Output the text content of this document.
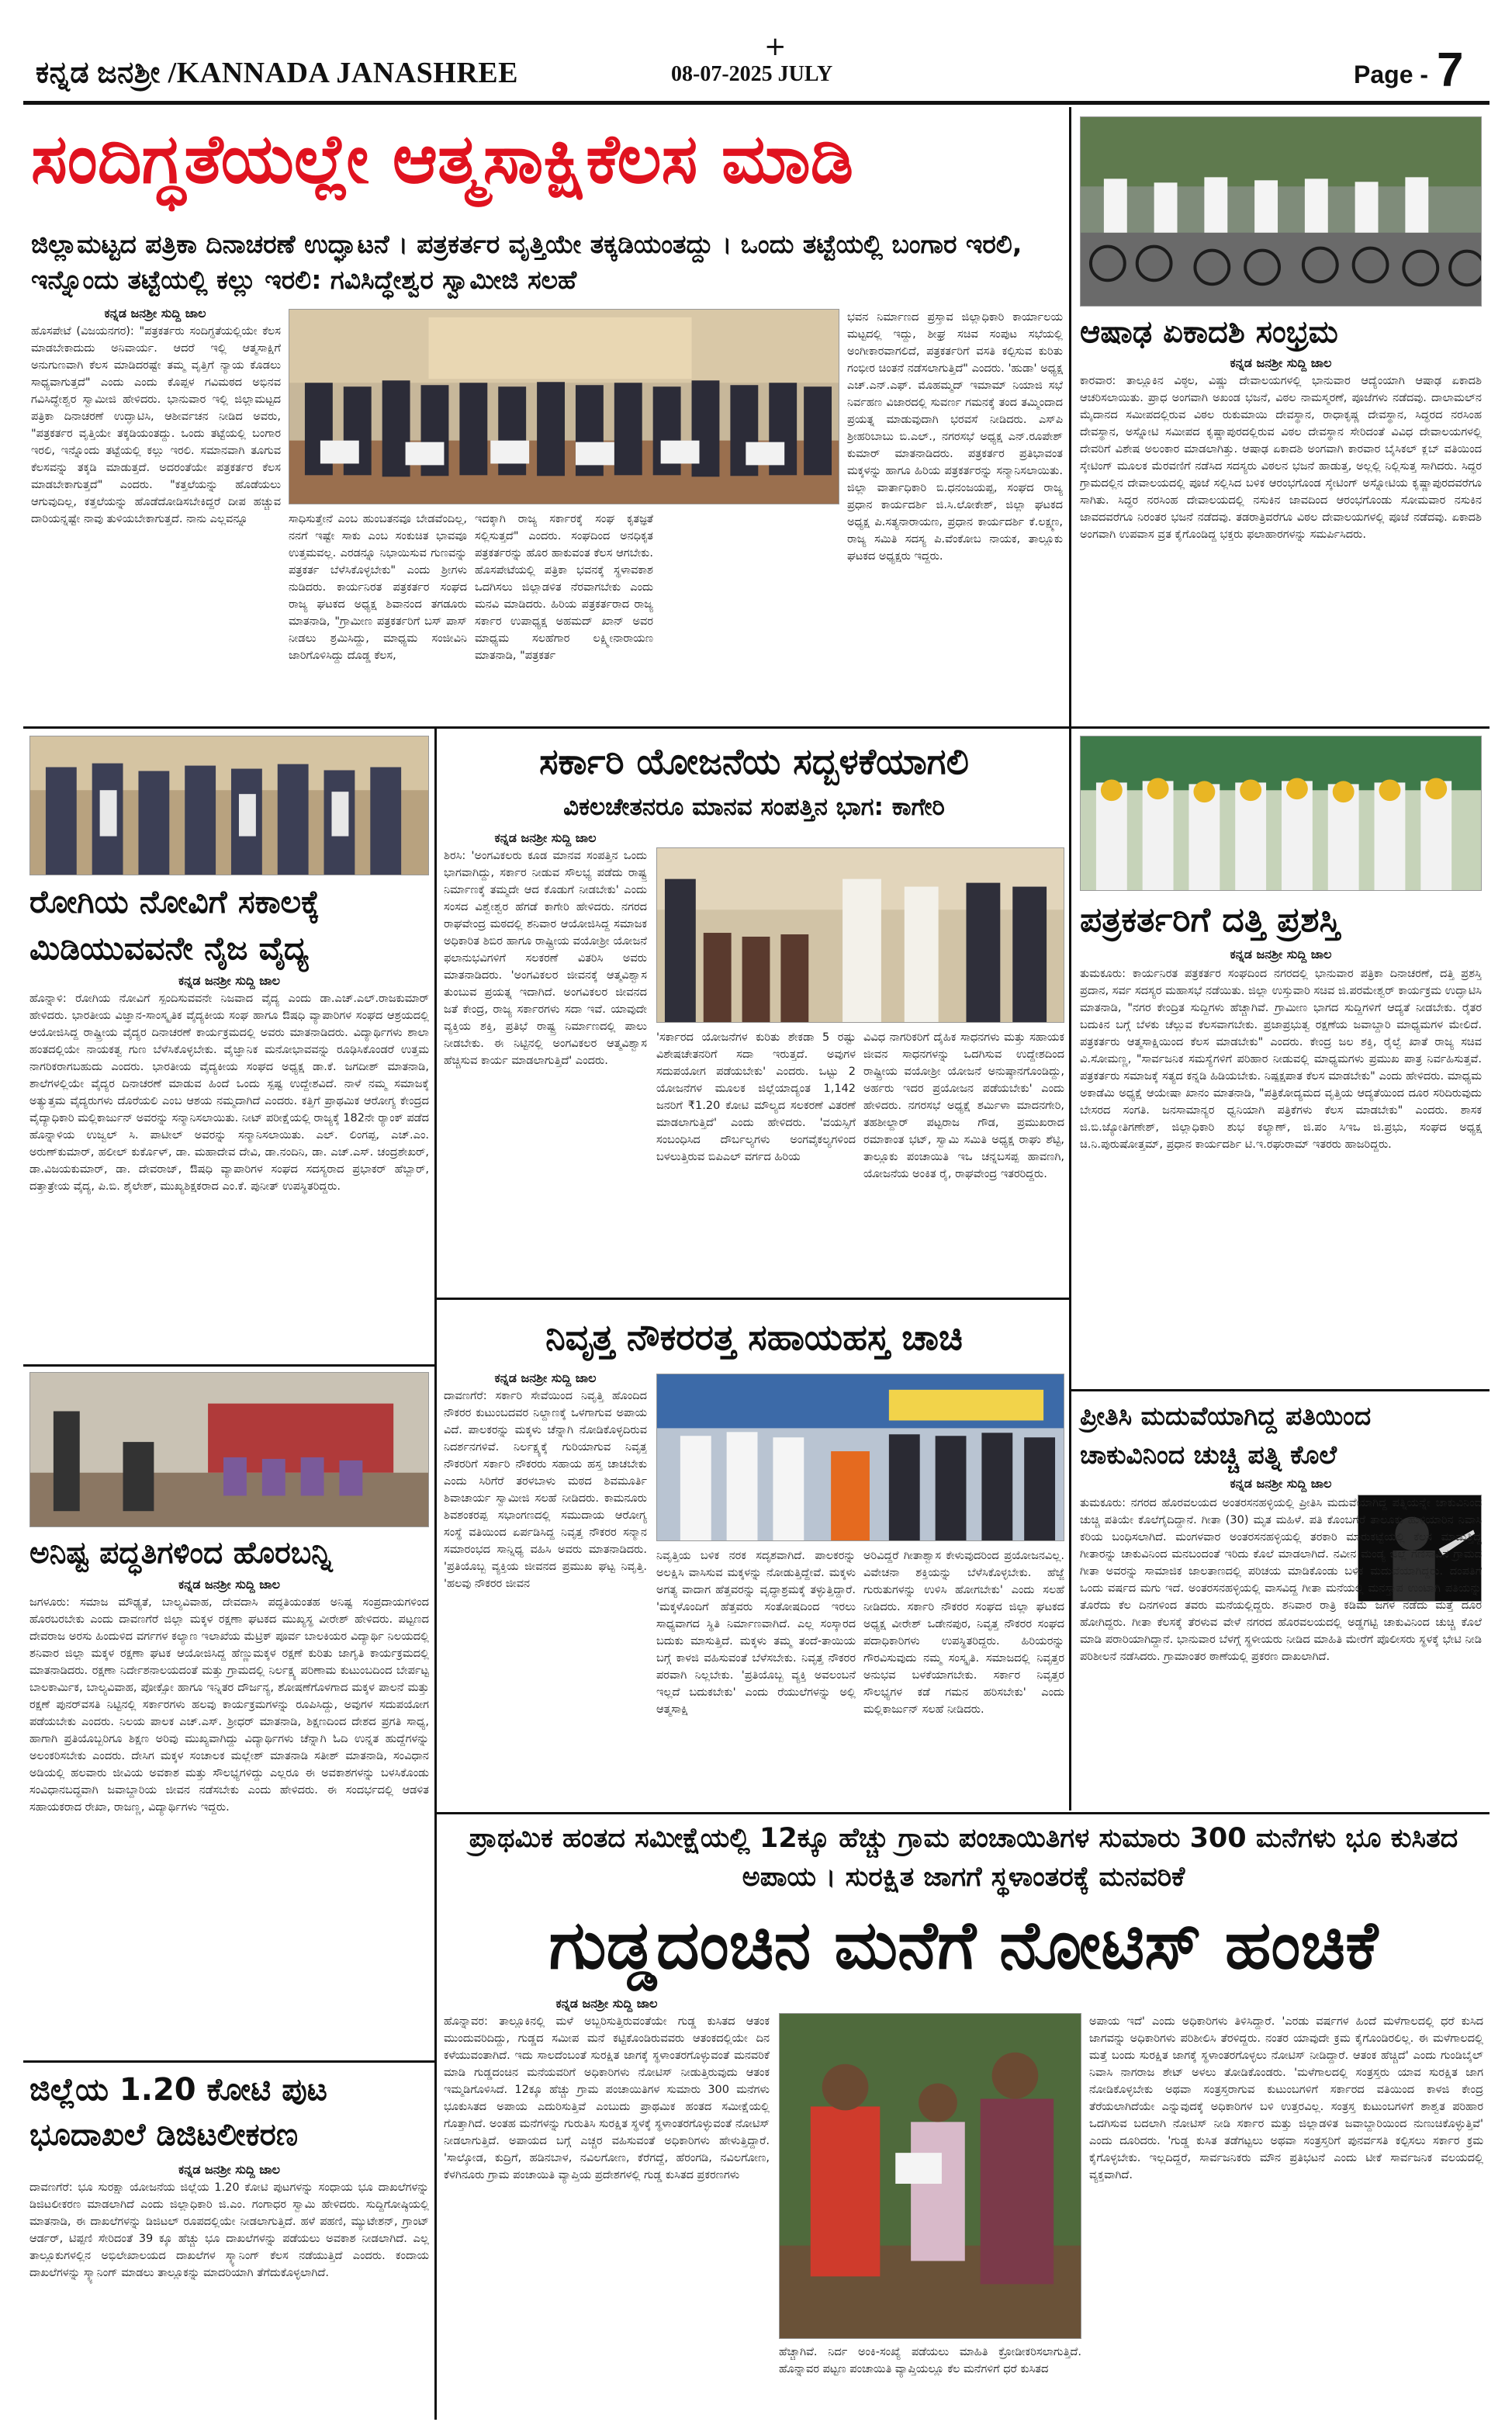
ಕನ್ನಡ ಜನಶ್ರೀ /KANNADA JANASHREE
+
08-07-2025 JULY	Page - 7
ಸಂದಿಗ್ಧತೆಯಲ್ಲೇ ಆತ್ಮಸಾಕ್ಷಿಕೆಲಸ ಮಾಡಿ
ಜಿಲ್ಲಾಮಟ್ಟದ ಪತ್ರಿಕಾ ದಿನಾಚರಣೆ ಉದ್ಘಾಟನೆ । ಪತ್ರಕರ್ತರ ವೃತ್ತಿಯೇ ತಕ್ಕಡಿಯಂತದ್ದು । ಒಂದು ತಟ್ಟೆಯಲ್ಲಿ ಬಂಗಾರ ಇರಲಿ, ಇನ್ನೊಂದು ತಟ್ಟೆಯಲ್ಲಿ ಕಲ್ಲು ಇರಲಿ: ಗವಿಸಿದ್ಧೇಶ್ವರ ಸ್ವಾಮೀಜಿ ಸಲಹೆ
ಕನ್ನಡ ಜನಶ್ರೀ ಸುದ್ದಿ ಜಾಲ
ಹೊಸಪೇಟೆ (ವಿಜಯನಗರ): "ಪತ್ರಕರ್ತರು ಸಂದಿಗ್ಧತೆಯಲ್ಲಿಯೇ ಕೆಲಸ ಮಾಡಬೇಕಾದುದು ಅನಿವಾರ್ಯ. ಆದರೆ ಇಲ್ಲಿ ಆತ್ಮಸಾಕ್ಷಿಗೆ ಅನುಗುಣವಾಗಿ ಕೆಲಸ ಮಾಡಿದರಷ್ಟೇ ತಮ್ಮ ವೃತ್ತಿಗೆ ನ್ಯಾಯ ಕೊಡಲು ಸಾಧ್ಯವಾಗುತ್ತದೆ" ಎಂದು ಎಂದು ಕೊಪ್ಪಳ ಗವಿಮಠದ ಅಭಿನವ ಗವಿಸಿದ್ಧೇಶ್ವರ ಸ್ವಾಮೀಜಿ ಹೇಳಿದರು. ಭಾನುವಾರ ಇಲ್ಲಿ ಜಿಲ್ಲಾಮಟ್ಟದ ಪತ್ರಿಕಾ ದಿನಾಚರಣೆ ಉದ್ಘಾಟಿಸಿ, ಆಶೀರ್ವಚನ ನೀಡಿದ ಅವರು, "ಪತ್ರಕರ್ತರ ವೃತ್ತಿಯೇ ತಕ್ಕಡಿಯಂತದ್ದು. ಒಂದು ತಟ್ಟೆಯಲ್ಲಿ ಬಂಗಾರ ಇರಲಿ, ಇನ್ನೊಂದು ತಟ್ಟೆಯಲ್ಲಿ ಕಲ್ಲು ಇರಲಿ. ಸಮಾನವಾಗಿ ತೂಗುವ ಕೆಲಸವನ್ನು ತಕ್ಕಡಿ ಮಾಡುತ್ತದೆ. ಅದರಂತೆಯೇ ಪತ್ರಕರ್ತರ ಕೆಲಸ ಮಾಡಬೇಕಾಗುತ್ತದೆ" ಎಂದರು. "ಕತ್ತಲೆಯನ್ನು ಹೊಡೆಯಲು ಆಗುವುದಿಲ್ಲ, ಕತ್ತಲೆಯನ್ನು ಹೊಡೆದೋಡಿಸಬೇಕಿದ್ದರೆ ದೀಪ ಹಚ್ಚುವ ದಾರಿಯನ್ನಷ್ಟೇ ನಾವು ತುಳಿಯಬೇಕಾಗುತ್ತದೆ. ನಾನು ಎಲ್ಲವನ್ನೂ	ಸಾಧಿಸುತ್ತೇನೆ ಎಂಬ ಹುಂಬತನವೂ ಬೇಡವೆಂದಿಲ್ಲ, ನನಗೆ ಇಷ್ಟೇ ಸಾಕು ಎಂಬ ಸಂಕುಚಿತ ಭಾವವೂ ಉತ್ತಮವಲ್ಲ. ಎರಡನ್ನೂ ನಿಭಾಯಿಸುವ ಗುಣವನ್ನು ಪತ್ರಕರ್ತ ಬೆಳೆಸಿಕೊಳ್ಳಬೇಕು" ಎಂದು ಶ್ರೀಗಳು ನುಡಿದರು. ಕಾರ್ಯನಿರತ ಪತ್ರಕರ್ತರ ಸಂಘದ ರಾಜ್ಯ ಘಟಕದ ಅಧ್ಯಕ್ಷ ಶಿವಾನಂದ ತಗಡೂರು ಮಾತನಾಡಿ, "ಗ್ರಾಮೀಣ ಪತ್ರಕರ್ತರಿಗೆ ಬಸ್ ಪಾಸ್ ನೀಡಲು ಶ್ರಮಿಸಿದ್ದು, ಮಾಧ್ಯಮ ಸಂಜೀವಿನಿ ಜಾರಿಗೊಳಿಸಿದ್ದು ದೊಡ್ಡ ಕೆಲಸ,
ಇದಕ್ಕಾಗಿ ರಾಜ್ಯ ಸರ್ಕಾರಕ್ಕೆ ಸಂಘ ಕೃತಜ್ಞತೆ ಸಲ್ಲಿಸುತ್ತದೆ" ಎಂದರು. ಸಂಘದಿಂದ ಅನಧಿಕೃತ ಪತ್ರಕರ್ತರನ್ನು ಹೊರ ಹಾಕುವಂತ ಕೆಲಸ ಆಗಬೇಕು. ಹೊಸಪೇಟೆಯಲ್ಲಿ ಪತ್ರಿಕಾ ಭವನಕ್ಕೆ ಸ್ಥಳಾವಕಾಶ ಒದಗಿಸಲು ಜಿಲ್ಲಾಡಳಿತ ನೆರವಾಗಬೇಕು ಎಂದು ಮನವಿ ಮಾಡಿದರು. ಹಿರಿಯ ಪತ್ರಕರ್ತರಾದ ರಾಜ್ಯ ಸರ್ಕಾರ ಉಪಾಧ್ಯಕ್ಷ ಅಹಮದ್ ಖಾನ್ ಅವರ ಮಾಧ್ಯಮ ಸಲಹೆಗಾರ ಲಕ್ಷ್ಮೀನಾರಾಯಣ ಮಾತನಾಡಿ, "ಪತ್ರಕರ್ತ
ಭವನ ನಿರ್ಮಾಣದ ಪ್ರಸ್ತಾವ ಜಿಲ್ಲಾಧಿಕಾರಿ ಕಾರ್ಯಾಲಯ ಮಟ್ಟದಲ್ಲಿ ಇದ್ದು, ಶೀಘ್ರ ಸಚಿವ ಸಂಪುಟ ಸಭೆಯಲ್ಲಿ ಅಂಗೀಕಾರವಾಗಲಿದೆ, ಪತ್ರಕರ್ತರಿಗೆ ವಸತಿ ಕಲ್ಪಿಸುವ ಕುರಿತು ಗಂಭೀರ ಚಿಂತನೆ ನಡೆಸಲಾಗುತ್ತಿದೆ" ಎಂದರು. 'ಹುಡಾ' ಅಧ್ಯಕ್ಷ ಎಚ್.ಎನ್.ಎಫ್. ಮೊಹಮ್ಮದ್ ಇಮಾಮ್ ನಿಯಾಜಿ ಸಭೆ ನಿರ್ವಹಣ ವಿಜಾರದಲ್ಲಿ ಸುವರ್ಣ ಗಮನಕ್ಕೆ ತಂದ ತಮ್ಮಿಂದಾದ ಪ್ರಯತ್ನ ಮಾಡುವುದಾಗಿ ಭರವಸೆ ನೀಡಿದರು. ಎಸ್‌ಪಿ ಶ್ರೀಹರಿಬಾಬು ಬಿ.ಎಲ್., ನಗರಸಭೆ ಅಧ್ಯಕ್ಷ ಎನ್.ರೂಪೇಶ್ ಕುಮಾರ್ ಮಾತನಾಡಿದರು. ಪತ್ರಕರ್ತರ ಪ್ರತಿಭಾವಂತ ಮಕ್ಕಳನ್ನು ಹಾಗೂ ಹಿರಿಯ ಪತ್ರಕರ್ತರನ್ನು ಸನ್ಮಾನಿಸಲಾಯಿತು. ಜಿಲ್ಲಾ ವಾರ್ತಾಧಿಕಾರಿ ಬಿ.ಧನಂಜಯಪ್ಪ, ಸಂಘದ ರಾಜ್ಯ ಪ್ರಧಾನ ಕಾರ್ಯದರ್ಶಿ ಜಿ.ಸಿ.ಲೋಕೇಶ್, ಜಿಲ್ಲಾ ಘಟಕದ ಅಧ್ಯಕ್ಷ ಪಿ.ಸತ್ಯನಾರಾಯಣ, ಪ್ರಧಾನ ಕಾರ್ಯದರ್ಶಿ ಕೆ.ಲಕ್ಷ್ಮಣ, ರಾಜ್ಯ ಸಮಿತಿ ಸದಸ್ಯ ಪಿ.ವೆಂಕೋಬ ನಾಯಕ, ತಾಲ್ಲೂಕು ಘಟಕದ ಅಧ್ಯಕ್ಷರು ಇದ್ದರು.
ಆಷಾಢ ಏಕಾದಶಿ ಸಂಭ್ರಮ
ಕನ್ನಡ ಜನಶ್ರೀ ಸುದ್ದಿ ಜಾಲ
ಕಾರವಾರ: ತಾಲ್ಲೂಕಿನ ವಿಠ್ಠಲ, ವಿಷ್ಣು ದೇವಾಲಯಗಳಲ್ಲಿ ಭಾನುವಾರ ಆದ್ಯೆಂಯಾಗಿ ಆಷಾಢ ಏಕಾದಶಿ ಆಚರಿಸಲಾಯಿತು. ಪ್ರಾಧ ಅಂಗವಾಗಿ ಅಖಂಡ ಭಜನೆ, ವಿಠಲ ನಾಮಸ್ಮರಣೆ, ಪೂಜೆಗಳು ನಡೆದವು. ದಾಲಾಮಲ್‌ನ ಮೈದಾನದ ಸಮೀಪದಲ್ಲಿರುವ ವಿಠಲ ರುಕುಮಾಯಿ ದೇವಸ್ಥಾನ, ರಾಧಾಕೃಷ್ಣ ದೇವಸ್ಥಾನ, ಸಿದ್ಧರದ ನರಸಿಂಹ ದೇವಸ್ಥಾನ, ಅಸ್ನೋಟಿ ಸಮೀಪದ ಕೃಷ್ಣಾಪುರದಲ್ಲಿರುವ ವಿಠಲ ದೇವಸ್ಥಾನ ಸೇರಿದಂತೆ ವಿವಿಧ ದೇವಾಲಯಗಳಲ್ಲಿ ದೇವರಿಗೆ ವಿಶೇಷ ಅಲಂಕಾರ ಮಾಡಲಾಗಿತ್ತು. ಆಷಾಢ ಏಕಾದಶಿ ಅಂಗವಾಗಿ ಕಾರವಾರ ಬೈಸಿಕಲ್ ಕ್ಲಬ್ ವತಿಯಿಂದ ಸ್ಕೇಟಿಂಗ್ ಮೂಲಕ ಮೆರವಣಿಗೆ ನಡೆಸಿದ ಸದಸ್ಯರು ವಿಠಲನ ಭಜನೆ ಹಾಡುತ್ತ, ಅಲ್ಲಲ್ಲಿ ನಿಲ್ಲಿಸುತ್ತ ಸಾಗಿದರು. ಸಿದ್ಧರ ಗ್ರಾಮದಲ್ಲಿನ ದೇವಾಲಯದಲ್ಲಿ ಪೂಜೆ ಸಲ್ಲಿಸಿದ ಬಳಿಕ ಆರಂಭಗೊಂಡ ಸ್ಕೇಟಿಂಗ್ ಅಸ್ನೋಟಿಯ ಕೃಷ್ಣಾಪುರದವರೆಗೂ ಸಾಗಿತು. ಸಿದ್ಧರ ನರಸಿಂಹ ದೇವಾಲಯದಲ್ಲಿ ನಸುಕಿನ ಜಾವದಿಂದ ಆರಂಭಗೊಂಡು ಸೋಮವಾರ ನಸುಕಿನ ಜಾವದವರೆಗೂ ನಿರಂತರ ಭಜನೆ ನಡೆದವು. ತಡರಾತ್ರಿವರೆಗೂ ವಿಠಲ ದೇವಾಲಯಗಳಲ್ಲಿ ಪೂಜೆ ನಡೆದವು. ಏಕಾದಶಿ ಅಂಗವಾಗಿ ಉಪವಾಸ ವ್ರತ ಕೈಗೊಂಡಿದ್ದ ಭಕ್ತರು ಫಲಾಹಾರಗಳನ್ನು ಸಮರ್ಪಿಸಿದರು.
ರೋಗಿಯ ನೋವಿಗೆ ಸಕಾಲಕ್ಕೆ ಮಿಡಿಯುವವನೇ ನೈಜ ವೈದ್ಯ
ಕನ್ನಡ ಜನಶ್ರೀ ಸುದ್ದಿ ಜಾಲ
ಹೊನ್ನಾಳಿ: ರೋಗಿಯ ನೋವಿಗೆ ಸ್ಪಂದಿಸುವವನೇ ನಿಜವಾದ ವೈದ್ಯ ಎಂದು ಡಾ.ಎಚ್.ಎಲ್.ರಾಜಕುಮಾರ್ ಹೇಳಿದರು. ಭಾರತೀಯ ವಿಜ್ಞಾನ-ಸಾಂಸ್ಕೃತಿಕ ವೈದ್ಯಕೀಯ ಸಂಘ ಹಾಗೂ ಔಷಧಿ ವ್ಯಾಪಾರಿಗಳ ಸಂಘದ ಆಶ್ರಯದಲ್ಲಿ ಆಯೋಜಿಸಿದ್ದ ರಾಷ್ಟ್ರೀಯ ವೈದ್ಯರ ದಿನಾಚರಣೆ ಕಾರ್ಯಕ್ರಮದಲ್ಲಿ ಅವರು ಮಾತನಾಡಿದರು. ವಿದ್ಯಾರ್ಥಿಗಳು ಶಾಲಾ ಹಂತದಲ್ಲಿಯೇ ನಾಯಕತ್ವ ಗುಣ ಬೆಳೆಸಿಕೊಳ್ಳಬೇಕು. ವೈಜ್ಞಾನಿಕ ಮನೋಭಾವವನ್ನು ರೂಢಿಸಿಕೊಂಡರೆ ಉತ್ತಮ ನಾಗರಿಕರಾಗಬಹುದು ಎಂದರು. ಭಾರತೀಯ ವೈದ್ಯಕೀಯ ಸಂಘದ ಅಧ್ಯಕ್ಷ ಡಾ.ಕೆ. ಜಗದೀಶ್ ಮಾತನಾಡಿ, ಶಾಲೆಗಳಲ್ಲಿಯೇ ವೈದ್ಯರ ದಿನಾಚರಣೆ ಮಾಡುವ ಹಿಂದೆ ಒಂದು ಸ್ಪಷ್ಟ ಉದ್ದೇಶವಿದೆ. ನಾಳೆ ನಮ್ಮ ಸಮಾಜಕ್ಕೆ ಅತ್ಯುತ್ತಮ ವೈದ್ಯರುಗಳು ದೊರೆಯಲಿ ಎಂಬ ಆಶಯ ನಮ್ಮದಾಗಿದೆ ಎಂದರು. ಕತ್ತಿಗೆ ಪ್ರಾಥಮಿಕ ಆರೋಗ್ಯ ಕೇಂದ್ರದ ವೈದ್ಯಾಧಿಕಾರಿ ಮಲ್ಲಿಕಾರ್ಜುನ್ ಅವರನ್ನು ಸನ್ಮಾನಿಸಲಾಯಿತು. ನೀಟ್ ಪರೀಕ್ಷೆಯಲ್ಲಿ ರಾಜ್ಯಕ್ಕೆ 182ನೇ ರ‍್ಯಾಂಕ್ ಪಡೆದ ಹೊನ್ನಾಳಿಯ ಉಜ್ವಲ್ ಸಿ. ಪಾಟೀಲ್ ಅವರನ್ನು ಸನ್ಮಾನಿಸಲಾಯಿತು. ಎಲ್. ಲಿಂಗಪ್ಪ, ಎಚ್.ಎಂ. ಅರುಣ್‌ಕುಮಾರ್, ಹಲೀಲ್ ಕುರ್ಕೊಳ್, ಡಾ. ಮಹಾದೇವ ದೇವಿ, ಡಾ.ನಂದಿನಿ, ಡಾ. ಎಚ್.ಎಸ್. ಚಂದ್ರಶೇಖರ್, ಡಾ.ವಿಜಯಕುಮಾರ್, ಡಾ. ದೇವರಾಜ್, ಔಷಧಿ ವ್ಯಾಪಾರಿಗಳ ಸಂಘದ ಸದಸ್ಯರಾದ ಪ್ರಭಾಕರ್ ಹೆಬ್ಬಾರ್, ದತ್ತಾತ್ರೇಯ ವೈದ್ಯ, ಪಿ.ಬಿ. ಶೈಲೇಶ್, ಮುಖ್ಯಶಿಕ್ಷಕರಾದ ಎಂ.ಕೆ. ಪುನೀತ್ ಉಪಸ್ಥಿತರಿದ್ದರು.
ಅನಿಷ್ಟ ಪದ್ಧತಿಗಳಿಂದ ಹೊರಬನ್ನಿ
ಕನ್ನಡ ಜನಶ್ರೀ ಸುದ್ದಿ ಜಾಲ
ಜಗಳೂರು: ಸಮಾಜ ಮೌಢ್ಯತೆ, ಬಾಲ್ಯವಿವಾಹ, ದೇವದಾಸಿ ಪದ್ಧತಿಯಂತಹ ಅನಿಷ್ಟ ಸಂಪ್ರದಾಯಗಳಿಂದ ಹೊರಬರಬೇಕು ಎಂದು ದಾವಣಗೆರೆ ಜಿಲ್ಲಾ ಮಕ್ಕಳ ರಕ್ಷಣಾ ಘಟಕದ ಮುಖ್ಯಸ್ಥ ವೀರೇಶ್ ಹೇಳಿದರು. ಪಟ್ಟಣದ ದೇವರಾಜ ಅರಸು ಹಿಂದುಳಿದ ವರ್ಗಗಳ ಕಲ್ಯಾಣ ಇಲಾಖೆಯ ಮೆಟ್ರಿಕ್ ಪೂರ್ವ ಬಾಲಕಿಯರ ವಿದ್ಯಾರ್ಥಿ ನಿಲಯದಲ್ಲಿ ಶನಿವಾರ ಜಿಲ್ಲಾ ಮಕ್ಕಳ ರಕ್ಷಣಾ ಘಟಕ ಆಯೋಜಿಸಿದ್ದ ಹೆಣ್ಣುಮಕ್ಕಳ ರಕ್ಷಣೆ ಕುರಿತು ಜಾಗೃತಿ ಕಾರ್ಯಕ್ರಮದಲ್ಲಿ ಮಾತನಾಡಿದರು. ರಕ್ಷಣಾ ನಿರ್ದೇಶನಾಲಯದಂತೆ ಮತ್ತು ಗ್ರಾಮದಲ್ಲಿ ನಿರ್ಲಕ್ಷ್ಯ ಪರಿಣಾಮ ಕುಟುಂಬದಿಂದ ಬೇರ್ಪಟ್ಟ ಬಾಲಕಾರ್ಮಿಕ, ಬಾಲ್ಯವಿವಾಹ, ಪೋಕ್ಸೋ ಹಾಗೂ ಇನ್ನಿತರ ದೌರ್ಜನ್ಯ, ಶೋಷಣೆಗೊಳಗಾದ ಮಕ್ಕಳ ಪಾಲನೆ ಮತ್ತು ರಕ್ಷಣೆ ಪುನರ್‌ವಸತಿ ನಿಟ್ಟಿನಲ್ಲಿ ಸರ್ಕಾರಗಳು ಹಲವು ಕಾರ್ಯಕ್ರಮಗಳನ್ನು ರೂಪಿಸಿದ್ದು, ಅವುಗಳ ಸದುಪಯೋಗ ಪಡೆಯಬೇಕು ಎಂದರು. ನಿಲಯ ಪಾಲಕ ಎಚ್.ಎಸ್. ಶ್ರೀಧರ್ ಮಾತನಾಡಿ, ಶಿಕ್ಷಣದಿಂದ ದೇಶದ ಪ್ರಗತಿ ಸಾಧ್ಯ, ಹಾಗಾಗಿ ಪ್ರತಿಯೊಬ್ಬರಿಗೂ ಶಿಕ್ಷಣ ಅರಿವು ಮುಖ್ಯವಾಗಿದ್ದು ವಿದ್ಯಾರ್ಥಿಗಳು ಚೆನ್ನಾಗಿ ಓದಿ ಉನ್ನತ ಹುದ್ದೆಗಳನ್ನು ಅಲಂಕರಿಸಬೇಕು ಎಂದರು. ದೇಸಿಗ ಮಕ್ಕಳ ಸಂಚಾಲಕ ಮಲ್ಲೇಶ್ ಮಾತನಾಡಿ ಸತೀಶ್ ಮಾತನಾಡಿ, ಸಂವಿಧಾನ ಅಡಿಯಲ್ಲಿ ಹಲವಾರು ಜೀವಿಯ ಅವಕಾಶ ಮತ್ತು ಸೌಲಭ್ಯಗಳಿದ್ದು ಎಲ್ಲರೂ ಈ ಅವಕಾಶಗಳನ್ನು ಬಳಸಿಕೊಂಡು ಸಂವಿಧಾನಬದ್ಧವಾಗಿ ಜವಾಬ್ದಾರಿಯ ಜೀವನ ನಡೆಸಬೇಕು ಎಂದು ಹೇಳಿದರು. ಈ ಸಂದರ್ಭದಲ್ಲಿ ಆಡಳಿತ ಸಹಾಯಕರಾದ ರೇಖಾ, ರಾಜಣ್ಣ, ವಿದ್ಯಾರ್ಥಿಗಳು ಇದ್ದರು.
ಜಿಲ್ಲೆಯ 1.20 ಕೋಟಿ ಪುಟ ಭೂದಾಖಲೆ ಡಿಜಿಟಲೀಕರಣ
ಕನ್ನಡ ಜನಶ್ರೀ ಸುದ್ದಿ ಜಾಲ
ದಾವಣಗೆರೆ: ಭೂ ಸುರಕ್ಷಾ ಯೋಜನೆಯ ಜಿಲ್ಲೆಯ 1.20 ಕೋಟಿ ಪುಟಗಳನ್ನು ಸಂಧಾಯ ಭೂ ದಾಖಲೆಗಳನ್ನು ಡಿಜಿಟಲೀಕರಣ ಮಾಡಲಾಗಿದೆ ಎಂದು ಜಿಲ್ಲಾಧಿಕಾರಿ ಜಿ.ಎಂ. ಗಂಗಾಧರ ಸ್ವಾಮಿ ಹೇಳಿದರು. ಸುದ್ದಿಗೋಷ್ಠಿಯಲ್ಲಿ ಮಾತನಾಡಿ, ಈ ದಾಖಲೆಗಳನ್ನು ಡಿಜಿಟಲ್ ರೂಪದಲ್ಲಿಯೇ ನೀಡಲಾಗುತ್ತಿದೆ. ಹಳೆ ಪಹಣಿ, ಮ್ಯುಟೇಶನ್, ಗ್ರಾಂಟ್ ಆರ್ಡರ್, ಟಿಪ್ಪಣಿ ಸೇರಿದಂತೆ 39 ಕ್ಕೂ ಹೆಚ್ಚು ಭೂ ದಾಖಲೆಗಳನ್ನು ಪಡೆಯಲು ಅವಕಾಶ ನೀಡಲಾಗಿದೆ. ಎಲ್ಲ ತಾಲ್ಲೂಕುಗಳಲ್ಲಿನ ಅಭಿಲೇಖಾಲಯದ ದಾಖಲೆಗಳ ಸ್ಕ್ಯಾನಿಂಗ್ ಕೆಲಸ ನಡೆಯುತ್ತಿದೆ ಎಂದರು. ಕಂದಾಯ ದಾಖಲೆಗಳನ್ನು ಸ್ಕ್ಯಾನಿಂಗ್ ಮಾಡಲು ತಾಲ್ಲೂಕನ್ನು ಮಾದರಿಯಾಗಿ ತೆಗೆದುಕೊಳ್ಳಲಾಗಿದೆ.
ಸರ್ಕಾರಿ ಯೋಜನೆಯ ಸದ್ಬಳಕೆಯಾಗಲಿ
ವಿಕಲಚೇತನರೂ ಮಾನವ ಸಂಪತ್ತಿನ ಭಾಗ: ಕಾಗೇರಿ
ಕನ್ನಡ ಜನಶ್ರೀ ಸುದ್ದಿ ಜಾಲ
ಶಿರಸಿ: 'ಅಂಗವಿಕಲರು ಕೂಡ ಮಾನವ ಸಂಪತ್ತಿನ ಒಂದು ಭಾಗವಾಗಿದ್ದು, ಸರ್ಕಾರ ನೀಡುವ ಸೌಲಭ್ಯ ಪಡೆದು ರಾಷ್ಟ್ರ ನಿರ್ಮಾಣಕ್ಕೆ ತಮ್ಮದೇ ಆದ ಕೊಡುಗೆ ನೀಡಬೇಕು' ಎಂದು ಸಂಸದ ವಿಶ್ವೇಶ್ವರ ಹೆಗಡೆ ಕಾಗೇರಿ ಹೇಳಿದರು. ನಗರದ ರಾಘವೇಂದ್ರ ಮಠದಲ್ಲಿ ಶನಿವಾರ ಆಯೋಜಿಸಿದ್ದ ಸಮಾಜಕ ಅಧಿಕಾರಿತ ಶಿಬಿರ ಹಾಗೂ ರಾಷ್ಟ್ರೀಯ ವಯೋಶ್ರೀ ಯೋಜನೆ ಫಲಾನುಭವಿಗಳಿಗೆ ಸಲಕರಣೆ ವಿತರಿಸಿ ಅವರು ಮಾತನಾಡಿದರು. 'ಅಂಗವಿಕಲರ ಜೀವನಕ್ಕೆ ಆತ್ಮವಿಶ್ವಾಸ ತುಂಬುವ ಪ್ರಯತ್ನ ಇದಾಗಿದೆ. ಅಂಗವಿಕಲರ ಜೀವನದ ಜತೆ ಕೇಂದ್ರ, ರಾಜ್ಯ ಸರ್ಕಾರಗಳು ಸದಾ ಇವೆ. ಯಾವುದೇ ವ್ಯಕ್ತಿಯ ಶಕ್ತಿ, ಪ್ರತಿಭೆ ರಾಷ್ಟ್ರ ನಿರ್ಮಾಣದಲ್ಲಿ ಪಾಲು ನೀಡಬೇಕು. ಈ ನಿಟ್ಟಿನಲ್ಲಿ ಅಂಗವಿಕಲರ ಆತ್ಮವಿಶ್ವಾಸ ಹೆಚ್ಚಿಸುವ ಕಾರ್ಯ ಮಾಡಲಾಗುತ್ತಿದೆ' ಎಂದರು.
'ಸರ್ಕಾರದ ಯೋಜನೆಗಳ ಕುರಿತು ಶೇಕಡಾ 5 ರಷ್ಟು ವಿಶೇಷಚೇತನರಿಗೆ ಸದಾ ಇರುತ್ತದೆ. ಅವುಗಳ ಸದುಪಯೋಗ ಪಡೆಯಬೇಕು' ಎಂದರು. ಒಟ್ಟು 2 ಯೋಜನೆಗಳ ಮೂಲಕ ಜಿಲ್ಲೆಯಾದ್ಯಂತ 1,142 ಜನರಿಗೆ ₹1.20 ಕೋಟಿ ಮೌಲ್ಯದ ಸಲಕರಣೆ ವಿತರಣೆ ಮಾಡಲಾಗುತ್ತಿದೆ' ಎಂದು ಹೇಳಿದರು. 'ವಯಸ್ಸಿಗೆ ಸಂಬಂಧಿಸಿದ ದೌರ್ಬಲ್ಯಗಳು ಅಂಗವೈಕಲ್ಯಗಳಿಂದ ಬಳಲುತ್ತಿರುವ ಬಿಪಿಎಲ್ ವರ್ಗದ ಹಿರಿಯ
ವಿವಿಧ ನಾಗರಿಕರಿಗೆ ದೈಹಿಕ ಸಾಧನಗಳು ಮತ್ತು ಸಹಾಯಕ ಜೀವನ ಸಾಧನಗಳನ್ನು ಒದಗಿಸುವ ಉದ್ದೇಶದಿಂದ ರಾಷ್ಟ್ರೀಯ ವಯೋಶ್ರೀ ಯೋಜನೆ ಅನುಷ್ಠಾನಗೊಂಡಿದ್ದು, ಅರ್ಹರು ಇದರ ಪ್ರಯೋಜನ ಪಡೆಯಬೇಕು' ಎಂದು ಹೇಳಿದರು. ನಗರಸಭೆ ಅಧ್ಯಕ್ಷೆ ಶರ್ಮಿಳಾ ಮಾದನಗೇರಿ, ತಹಶೀಲ್ದಾರ್ ಪಟ್ಟರಾಜ ಗೌಡ, ಪ್ರಮುಖರಾದ ರಮಾಕಾಂತ ಭಟ್, ಸ್ವಾಮಿ ಸಮಿತಿ ಅಧ್ಯಕ್ಷ ರಾಘು ಶೆಟ್ಟಿ, ತಾಲ್ಲೂಕು ಪಂಚಾಯಿತಿ ಇಒ ಚನ್ನಬಸಪ್ಪ ಹಾವಣಗಿ, ಯೋಜನೆಯ ಅಂಕಿತ ರೈ, ರಾಘವೇಂದ್ರ ಇತರರಿದ್ದರು.
ನಿವೃತ್ತ ನೌಕರರತ್ತ ಸಹಾಯಹಸ್ತ ಚಾಚಿ
ಕನ್ನಡ ಜನಶ್ರೀ ಸುದ್ದಿ ಜಾಲ
ದಾವಣಗೆರೆ: ಸರ್ಕಾರಿ ಸೇವೆಯಿಂದ ನಿವೃತ್ತಿ ಹೊಂದಿದ ನೌಕರರ ಕುಟುಂಬದವರ ನಿಲ್ದಾಣಕ್ಕೆ ಒಳಗಾಗುವ ಅಪಾಯ ವಿದೆ. ಪಾಲಕರನ್ನು ಮಕ್ಕಳು ಚೆನ್ನಾಗಿ ನೋಡಿಕೊಳ್ಳದಿರುವ ನಿದರ್ಶನಗಳಿವೆ. ನಿರ್ಲಕ್ಷ್ಯಕ್ಕೆ ಗುರಿಯಾಗುವ ನಿವೃತ್ತ ನೌಕರರಿಗೆ ಸರ್ಕಾರಿ ನೌಕರರು ಸಹಾಯ ಹಸ್ತ ಚಾಚಬೇಕು ಎಂದು ಸಿರಿಗೆರೆ ತರಳಬಾಳು ಮಠದ ಶಿವಮೂರ್ತಿ ಶಿವಾಚಾರ್ಯ ಸ್ವಾಮೀಜಿ ಸಲಹೆ ನೀಡಿದರು. ಕಾಮನೂರು ಶಿವಶಂಕರಪ್ಪ ಸಭಾಂಗಣದಲ್ಲಿ ಸಮುದಾಯ ಆರೋಗ್ಯ ಸಂಸ್ಥೆ ವತಿಯಿಂದ ಏರ್ಪಡಿಸಿದ್ದ ನಿವೃತ್ತ ನೌಕರರ ಸನ್ಮಾನ ಸಮಾರಂಭದ ಸಾನ್ನಿಧ್ಯ ವಹಿಸಿ ಅವರು ಮಾತನಾಡಿದರು. 'ಪ್ರತಿಯೊಬ್ಬ ವ್ಯಕ್ತಿಯ ಜೀವನದ ಪ್ರಮುಖ ಘಟ್ಟ ನಿವೃತ್ತಿ. 'ಹಲವು ನೌಕರರ ಜೀವನ
ನಿವೃತ್ತಿಯ ಬಳಿಕ ನರಕ ಸದೃಶವಾಗಿದೆ. ಪಾಲಕರನ್ನು ಅಲಕ್ಷಿಸಿ ವಾಸಿಸುವ ಮಕ್ಕಳನ್ನು ನೋಡುತ್ತಿದ್ದೇವೆ. ಮಕ್ಕಳು ಅಗತ್ಯ ವಾದಾಗ ಹೆತ್ತವರನ್ನು ವೃದ್ಧಾಶ್ರಮಕ್ಕೆ ತಳ್ಳುತ್ತಿದ್ದಾರೆ. 'ಮಕ್ಕಳೊಂದಿಗೆ ಹೆತ್ತವರು ಸಂತೋಷದಿಂದ ಇರಲು ಸಾಧ್ಯವಾಗದ ಸ್ಥಿತಿ ನಿರ್ಮಾಣವಾಗಿದೆ. ಎಲ್ಲ ಸಂಸ್ಕಾರದ ಬದುಕು ಮಾಸುತ್ತಿದೆ. ಮಕ್ಕಳು ತಮ್ಮ ತಂದೆ-ತಾಯಿಯ ಬಗ್ಗೆ ಕಾಳಜಿ ವಹಿಸುವಂತೆ ಬೆಳೆಸಬೇಕು. ನಿವೃತ್ತ ನೌಕರರ ಪರವಾಗಿ ನಿಲ್ಲಬೇಕು. 'ಪ್ರತಿಯೊಬ್ಬ ವ್ಯಕ್ತಿ ಅವಲಂಬನೆ ಇಲ್ಲದೆ ಬದುಕಬೇಕು' ಎಂದು ರೆಯುಲೆಗಳನ್ನು ಅಲ್ಲಿ ಆತ್ಮಸಾಕ್ಷಿ
ಅರಿವಿದ್ದರೆ ಗೀತಾಶ್ವಾಸ ಕೇಳುವುದರಿಂದ ಪ್ರಯೋಜನವಿಲ್ಲ. ವಿವೇಚನಾ ಶಕ್ತಿಯನ್ನು ಬೆಳೆಸಿಕೊಳ್ಳಬೇಕು. ಹೆಜ್ಜೆ ಗುರುತುಗಳನ್ನು ಉಳಿಸಿ ಹೋಗಬೇಕು' ಎಂದು ಸಲಹೆ ನೀಡಿದರು. ಸರ್ಕಾರಿ ನೌಕರರ ಸಂಘದ ಜಿಲ್ಲಾ ಘಟಕದ ಅಧ್ಯಕ್ಷ ವೀರೇಶ್ ಒಡೇನಪುರ, ನಿವೃತ್ತ ನೌಕರರ ಸಂಘದ ಪದಾಧಿಕಾರಿಗಳು ಉಪಸ್ಥಿತರಿದ್ದರು. ಹಿರಿಯರನ್ನು ಗೌರವಿಸುವುದು ನಮ್ಮ ಸಂಸ್ಕೃತಿ. ಸಮಾಜದಲ್ಲಿ ನಿವೃತ್ತರ ಅನುಭವ ಬಳಕೆಯಾಗಬೇಕು. ಸರ್ಕಾರ ನಿವೃತ್ತರ ಸೌಲಭ್ಯಗಳ ಕಡೆ ಗಮನ ಹರಿಸಬೇಕು' ಎಂದು ಮಲ್ಲಿಕಾರ್ಜುನ್ ಸಲಹೆ ನೀಡಿದರು.
ಪತ್ರಕರ್ತರಿಗೆ ದತ್ತಿ ಪ್ರಶಸ್ತಿ
ಕನ್ನಡ ಜನಶ್ರೀ ಸುದ್ದಿ ಜಾಲ
ತುಮಕೂರು: ಕಾರ್ಯನಿರತ ಪತ್ರಕರ್ತರ ಸಂಘದಿಂದ ನಗರದಲ್ಲಿ ಭಾನುವಾರ ಪತ್ರಿಕಾ ದಿನಾಚರಣೆ, ದತ್ತಿ ಪ್ರಶಸ್ತಿ ಪ್ರದಾನ, ಸರ್ವ ಸದಸ್ಯರ ಮಹಾಸಭೆ ನಡೆಯಿತು. ಜಿಲ್ಲಾ ಉಸ್ತುವಾರಿ ಸಚಿವ ಜಿ.ಪರಮೇಶ್ವರ್ ಕಾರ್ಯಕ್ರಮ ಉದ್ಘಾಟಿಸಿ ಮಾತನಾಡಿ, "ನಗರ ಕೇಂದ್ರಿತ ಸುದ್ದಿಗಳು ಹೆಚ್ಚಾಗಿವೆ. ಗ್ರಾಮೀಣ ಭಾಗದ ಸುದ್ದಿಗಳಿಗೆ ಆದ್ಯತೆ ನೀಡಬೇಕು. ರೈತರ ಬದುಕಿನ ಬಗ್ಗೆ ಬೆಳಕು ಚೆಲ್ಲುವ ಕೆಲಸವಾಗಬೇಕು. ಪ್ರಜಾಪ್ರಭುತ್ವ ರಕ್ಷಣೆಯ ಜವಾಬ್ದಾರಿ ಮಾಧ್ಯಮಗಳ ಮೇಲಿದೆ. ಪತ್ರಕರ್ತರು ಆತ್ಮಸಾಕ್ಷಿಯಿಂದ ಕೆಲಸ ಮಾಡಬೇಕು" ಎಂದರು. ಕೇಂದ್ರ ಜಲ ಶಕ್ತಿ, ರೈಲ್ವೆ ಖಾತೆ ರಾಜ್ಯ ಸಚಿವ ವಿ.ಸೋಮಣ್ಣ, "ಸಾರ್ವಜನಿಕ ಸಮಸ್ಯೆಗಳಿಗೆ ಪರಿಹಾರ ನೀಡುವಲ್ಲಿ ಮಾಧ್ಯಮಗಳು ಪ್ರಮುಖ ಪಾತ್ರ ನಿರ್ವಹಿಸುತ್ತವೆ. ಪತ್ರಕರ್ತರು ಸಮಾಜಕ್ಕೆ ಸತ್ಯದ ಕನ್ನಡಿ ಹಿಡಿಯಬೇಕು. ನಿಷ್ಪಕ್ಷಪಾತ ಕೆಲಸ ಮಾಡಬೇಕು" ಎಂದು ಹೇಳಿದರು. ಮಾಧ್ಯಮ ಅಕಾಡೆಮಿ ಅಧ್ಯಕ್ಷೆ ಆಯೇಷಾ ಖಾನಂ ಮಾತನಾಡಿ, "ಪತ್ರಿಕೋದ್ಯಮದ ವೃತ್ತಿಯ ಆದ್ಯತೆಯಿಂದ ದೂರ ಸರಿದಿರುವುದು ಬೇಸರದ ಸಂಗತಿ. ಜನಸಾಮಾನ್ಯರ ಧ್ವನಿಯಾಗಿ ಪತ್ರಿಕೆಗಳು ಕೆಲಸ ಮಾಡಬೇಕು" ಎಂದರು. ಶಾಸಕ ಜಿ.ಬಿ.ಜ್ಯೋತಿಗಣೇಶ್, ಜಿಲ್ಲಾಧಿಕಾರಿ ಶುಭ ಕಲ್ಯಾಣ್, ಜಿ.ಪಂ ಸಿಇಒ ಜಿ.ಪ್ರಭು, ಸಂಘದ ಅಧ್ಯಕ್ಷ ಚಿ.ನಿ.ಪುರುಷೋತ್ತಮ್, ಪ್ರಧಾನ ಕಾರ್ಯದರ್ಶಿ ಟಿ.ಇ.ರಘುರಾಮ್ ಇತರರು ಹಾಜರಿದ್ದರು.
ಪ್ರೀತಿಸಿ ಮದುವೆಯಾಗಿದ್ದ ಪತಿಯಿಂದ ಚಾಕುವಿನಿಂದ ಚುಚ್ಚಿ ಪತ್ನಿ ಕೊಲೆ
ಕನ್ನಡ ಜನಶ್ರೀ ಸುದ್ದಿ ಜಾಲ
ತುಮಕೂರು: ನಗರದ ಹೊರವಲಯದ ಅಂತರಸನಹಳ್ಳಿಯಲ್ಲಿ ಪ್ರೀತಿಸಿ ಮದುವೆಯಾಗಿದ್ದ ಪತ್ನಿಯನ್ನೇ ಚಾಕುವಿನಿಂದ ಚುಚ್ಚಿ ಪತಿಯೇ ಕೊಲೆಗೈದಿದ್ದಾನೆ. ಗೀತಾ (30) ಮೃತ ಮಹಿಳೆ. ಪತಿ ಕೊಂಬಗೆರೆ ತಾಲೂಕು ಹುಳಿಯಾರಿನ ನಿವಾಸಿ ಕರಿಯ ಬಂಧಿಸಲಾಗಿದೆ. ಮಂಗಳವಾರ ಅಂತರಸನಹಳ್ಳಿಯಲ್ಲಿ ತರಕಾರಿ ಮಾರುಕಟ್ಟೆಯಲ್ಲಿ ಕೆಲಸ ಮಾಡುತ್ತಿದ್ದ ಗೀತಾರನ್ನು ಚಾಕುವಿನಿಂದ ಮನಬಂದಂತೆ ಇರಿದು ಕೊಲೆ ಮಾಡಲಾಗಿದೆ. ನವೀನ ಮಂಡ್ಯ ಜಿಲ್ಲೆ ಗಣಿಸಾವಿನ ಗ್ರಾಮದ ಗೀತಾ ಅವರನ್ನು ಸಾಮಾಜಿಕ ಜಾಲತಾಣದಲ್ಲಿ ಪರಿಚಯ ಮಾಡಿಕೊಂಡು ಬಳಿಕ ಮದುವೆಯಾಗಿದ್ದರು. ದಂಪತಿಗೆ ಒಂದು ವರ್ಷದ ಮಗು ಇದೆ. ಅಂತರಸನಹಳ್ಳಿಯಲ್ಲಿ ವಾಸವಿದ್ದ ಗೀತಾ ಮನೆಯಲ್ಲಿ ಮನಸ್ತಾಪ ಉಂಟಾಗಿ ಪತಿಯನ್ನು ತೊರೆದು ಕೆಲ ದಿನಗಳಿಂದ ತವರು ಮನೆಯಲ್ಲಿದ್ದರು. ಶನಿವಾರ ರಾತ್ರಿ ಕಡಿಮೆ ಜಗಳ ನಡೆದು ಮತ್ತೆ ದೂರ ಹೋಗಿದ್ದರು. ಗೀತಾ ಕೆಲಸಕ್ಕೆ ತೆರಳುವ ವೇಳೆ ನಗರದ ಹೊರವಲಯದಲ್ಲಿ ಅಡ್ಡಗಟ್ಟಿ ಚಾಕುವಿನಿಂದ ಚುಚ್ಚಿ ಕೊಲೆ ಮಾಡಿ ಪರಾರಿಯಾಗಿದ್ದಾನೆ. ಭಾನುವಾರ ಬೆಳಗ್ಗೆ ಸ್ಥಳೀಯರು ನೀಡಿದ ಮಾಹಿತಿ ಮೇರೆಗೆ ಪೊಲೀಸರು ಸ್ಥಳಕ್ಕೆ ಭೇಟಿ ನೀಡಿ ಪರಿಶೀಲನೆ ನಡೆಸಿದರು. ಗ್ರಾಮಾಂತರ ಠಾಣೆಯಲ್ಲಿ ಪ್ರಕರಣ ದಾಖಲಾಗಿದೆ.
ಪ್ರಾಥಮಿಕ ಹಂತದ ಸಮೀಕ್ಷೆಯಲ್ಲಿ 12ಕ್ಕೂ ಹೆಚ್ಚು ಗ್ರಾಮ ಪಂಚಾಯಿತಿಗಳ ಸುಮಾರು 300 ಮನೆಗಳು ಭೂ ಕುಸಿತದ ಅಪಾಯ । ಸುರಕ್ಷಿತ ಜಾಗಗೆ ಸ್ಥಳಾಂತರಕ್ಕೆ ಮನವರಿಕೆ
ಗುಡ್ಡದಂಚಿನ ಮನೆಗೆ ನೋಟಿಸ್ ಹಂಚಿಕೆ
ಕನ್ನಡ ಜನಶ್ರೀ ಸುದ್ದಿ ಜಾಲ
ಹೊನ್ನಾವರ: ತಾಲ್ಲೂಕಿನಲ್ಲಿ ಮಳೆ ಅಬ್ಬರಿಸುತ್ತಿರುವಂತೆಯೇ ಗುಡ್ಡ ಕುಸಿತದ ಆತಂಕ ಮುಂದುವರಿದಿದ್ದು, ಗುಡ್ಡದ ಸಮೀಪ ಮನೆ ಕಟ್ಟಿಕೊಂಡಿರುವವರು ಆತಂಕದಲ್ಲಿಯೇ ದಿನ ಕಳೆಯುವಂತಾಗಿದೆ. ಇದು ಸಾಲದೆಂಬಂತೆ ಸುರಕ್ಷಿತ ಜಾಗಕ್ಕೆ ಸ್ಥಳಾಂತರಗೊಳ್ಳುವಂತೆ ಮನವರಿಕೆ ಮಾಡಿ ಗುಡ್ಡದಂಚಿನ ಮನೆಯವರಿಗೆ ಅಧಿಕಾರಿಗಳು ನೋಟಿಸ್ ನೀಡುತ್ತಿರುವುದು ಆತಂಕ ಇಮ್ಮಡಿಗೊಳಿಸಿದೆ. 12ಕ್ಕೂ ಹೆಚ್ಚು ಗ್ರಾಮ ಪಂಚಾಯಿತಿಗಳ ಸುಮಾರು 300 ಮನೆಗಳು ಭೂಕುಸಿತದ ಅಪಾಯ ಎದುರಿಸುತ್ತಿವೆ ಎಂಬುದು ಪ್ರಾಥಮಿಕ ಹಂತದ ಸಮೀಕ್ಷೆಯಲ್ಲಿ ಗೊತ್ತಾಗಿದೆ. ಅಂತಹ ಮನೆಗಳನ್ನು ಗುರುತಿಸಿ ಸುರಕ್ಷಿತ ಸ್ಥಳಕ್ಕೆ ಸ್ಥಳಾಂತರಗೊಳ್ಳುವಂತೆ ನೋಟಿಸ್ ನೀಡಲಾಗುತ್ತಿದೆ. ಅಪಾಯದ ಬಗ್ಗೆ ಎಚ್ಚರ ವಹಿಸುವಂತೆ ಅಧಿಕಾರಿಗಳು ಹೇಳುತ್ತಿದ್ದಾರೆ. 'ಸಾಲ್ಕೋಡ, ಕುದ್ರಿಗೆ, ಹಡಿನಬಾಳ, ನವಿಲಗೋಣ, ಕೆರೆಗದ್ದೆ, ಹೆರಂಗಡಿ, ನವಿಲಗೋಣ, ಕೆಳಗಿನೂರು ಗ್ರಾಮ ಪಂಚಾಯಿತಿ ವ್ಯಾಪ್ತಿಯ ಪ್ರದೇಶಗಳಲ್ಲಿ ಗುಡ್ಡ ಕುಸಿತದ ಪ್ರಕರಣಗಳು
ಹೆಚ್ಚಾಗಿವೆ. ನಿರ್ದ ಅಂಕಿ-ಸಂಖ್ಯೆ ಪಡೆಯಲು ಮಾಹಿತಿ ಕ್ರೋಡೀಕರಿಸಲಾಗುತ್ತಿದೆ. ಹೊನ್ನಾವರ ಪಟ್ಟಣ ಪಂಚಾಯಿತಿ ವ್ಯಾಪ್ತಿಯಲ್ಲೂ ಕೆಲ ಮನೆಗಳಿಗೆ ಧರೆ ಕುಸಿತದ
ಅಪಾಯ ಇದೆ' ಎಂದು ಅಧಿಕಾರಿಗಳು ತಿಳಿಸಿದ್ದಾರೆ. 'ಎರಡು ವರ್ಷಗಳ ಹಿಂದೆ ಮಳೆಗಾಲದಲ್ಲಿ ಧರೆ ಕುಸಿದ ಜಾಗವನ್ನು ಅಧಿಕಾರಿಗಳು ಪರಿಶೀಲಿಸಿ ತೆರಳಿದ್ದರು. ನಂತರ ಯಾವುದೇ ಕ್ರಮ ಕೈಗೊಂಡಿರಲಿಲ್ಲ. ಈ ಮಳೆಗಾಲದಲ್ಲಿ ಮತ್ತೆ ಬಂದು ಸುರಕ್ಷಿತ ಜಾಗಕ್ಕೆ ಸ್ಥಳಾಂತರಗೊಳ್ಳಲು ನೋಟಿಸ್ ನೀಡಿದ್ದಾರೆ. ಆತಂಕ ಹೆಚ್ಚಿದೆ' ಎಂದು ಗುಂಡಿಬೈಲ್ ನಿವಾಸಿ ನಾಗರಾಜ ಶೇಟ್ ಅಳಲು ತೋಡಿಕೊಂಡರು. 'ಮಳೆಗಾಲದಲ್ಲಿ ಸಂತ್ರಸ್ತರು ಯಾವ ಸುರಕ್ಷಿತ ಜಾಗ ನೋಡಿಕೊಳ್ಳಬೇಕು ಅಥವಾ ಸಂತ್ರಸ್ತರಾಗುವ ಕುಟುಂಬಗಳಿಗೆ ಸರ್ಕಾರದ ವತಿಯಿಂದ ಕಾಳಜಿ ಕೇಂದ್ರ ತೆರೆಯಲಾಗಿದೆಯೇ ಎನ್ನುವುದಕ್ಕೆ ಅಧಿಕಾರಿಗಳ ಬಳಿ ಉತ್ತರವಿಲ್ಲ. ಸಂತ್ರಸ್ತ ಕುಟುಂಬಗಳಿಗೆ ಶಾಶ್ವತ ಪರಿಹಾರ ಒದಗಿಸುವ ಬದಲಾಗಿ ನೋಟಿಸ್ ನೀಡಿ ಸರ್ಕಾರ ಮತ್ತು ಜಿಲ್ಲಾಡಳಿತ ಜವಾಬ್ದಾರಿಯಿಂದ ನುಣುಚಿಕೊಳ್ಳುತ್ತಿವೆ' ಎಂದು ದೂರಿದರು. 'ಗುಡ್ಡ ಕುಸಿತ ತಡೆಗಟ್ಟಲು ಅಥವಾ ಸಂತ್ರಸ್ತರಿಗೆ ಪುನರ್ವಸತಿ ಕಲ್ಪಿಸಲು ಸರ್ಕಾರ ಕ್ರಮ ಕೈಗೊಳ್ಳಬೇಕು. ಇಲ್ಲದಿದ್ದರೆ, ಸಾರ್ವಜನಿಕರು ಮೌನ ಪ್ರತಿಭಟನೆ ಎಂದು ಟೀಕೆ ಸಾರ್ವಜನಿಕ ವಲಯದಲ್ಲಿ ವ್ಯಕ್ತವಾಗಿದೆ.
